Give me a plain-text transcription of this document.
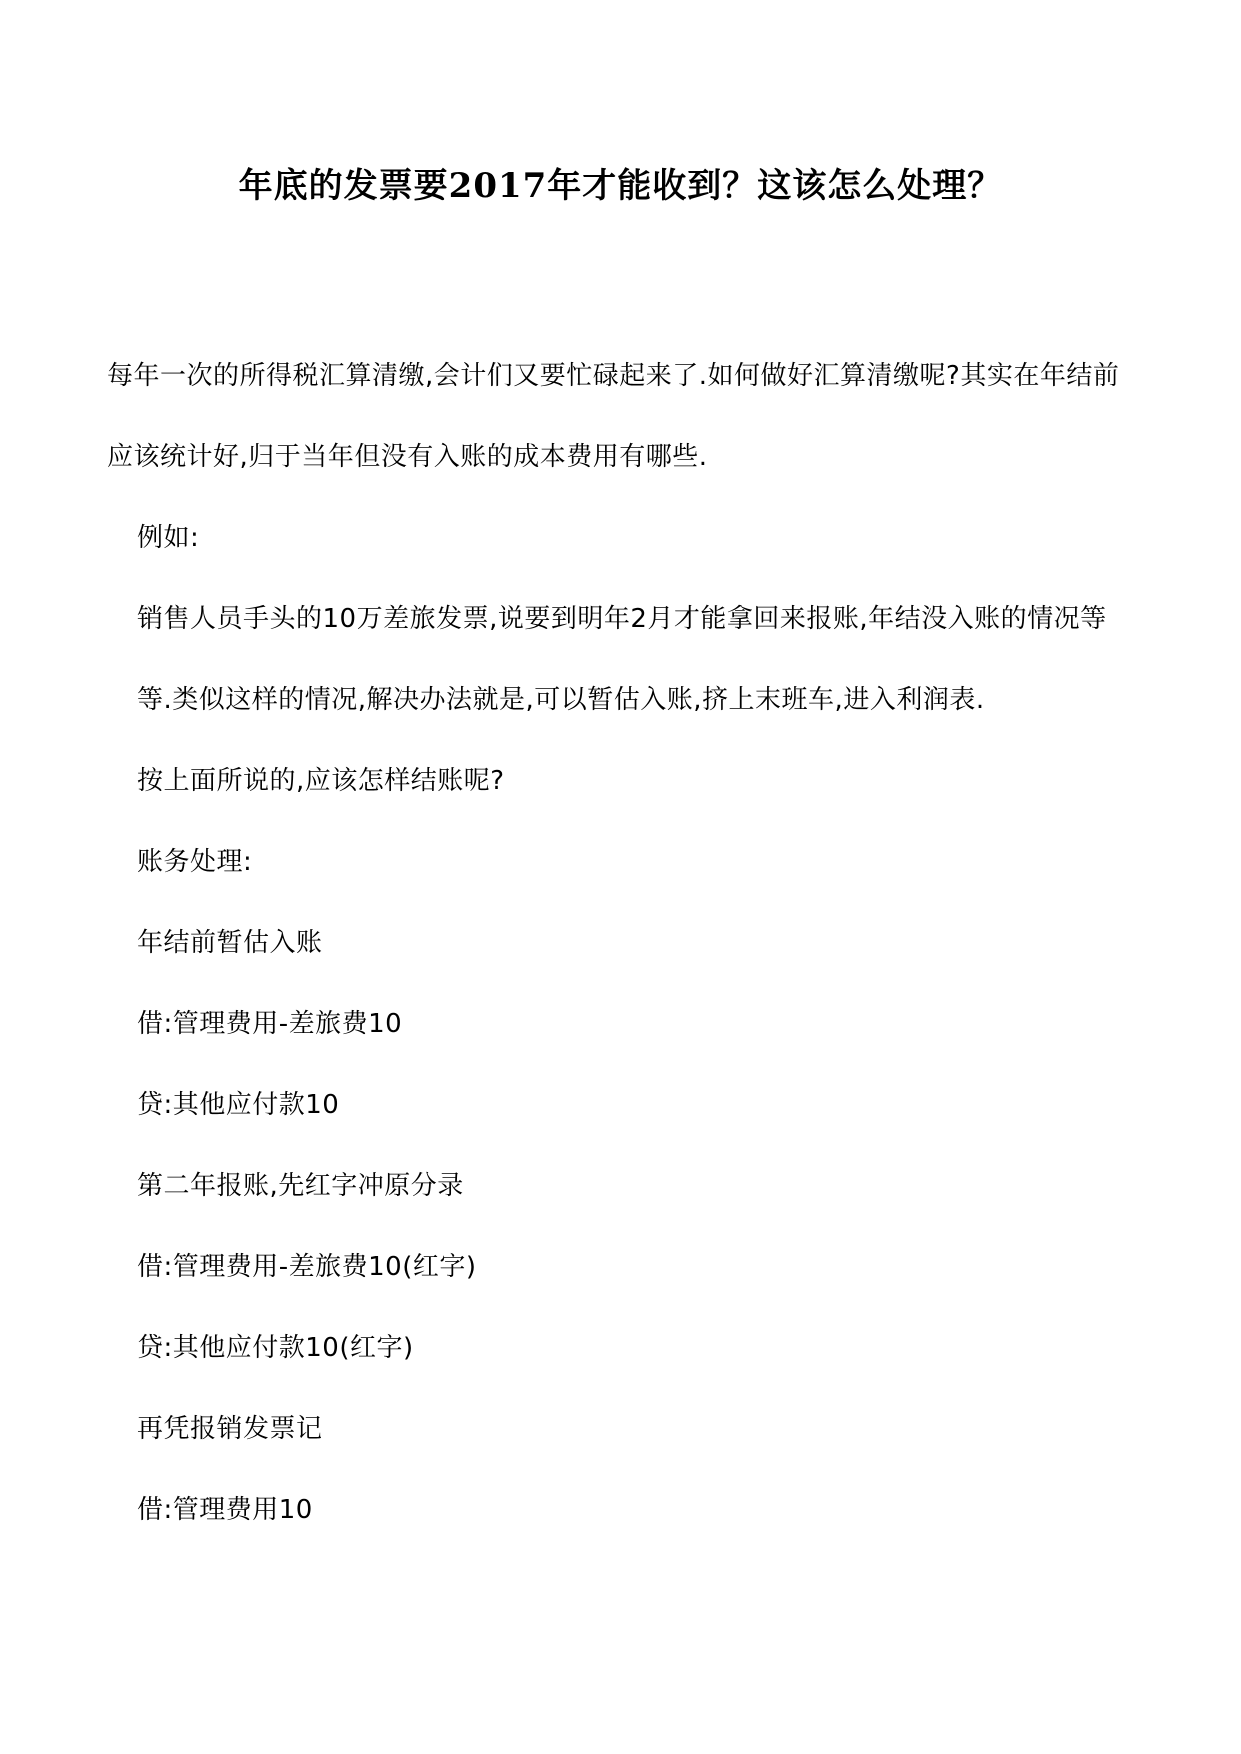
年底的发票要2017年才能收到？这该怎么处理？

每年一次的所得税汇算清缴,会计们又要忙碌起来了.如何做好汇算清缴呢?其实在年结前应该统计好,归于当年但没有入账的成本费用有哪些.

例如:

销售人员手头的10万差旅发票,说要到明年2月才能拿回来报账,年结没入账的情况等等.类似这样的情况,解决办法就是,可以暂估入账,挤上末班车,进入利润表.

按上面所说的,应该怎样结账呢?

账务处理:

年结前暂估入账

借:管理费用-差旅费10

贷:其他应付款10

第二年报账,先红字冲原分录

借:管理费用-差旅费10(红字)

贷:其他应付款10(红字)

再凭报销发票记

借:管理费用10
